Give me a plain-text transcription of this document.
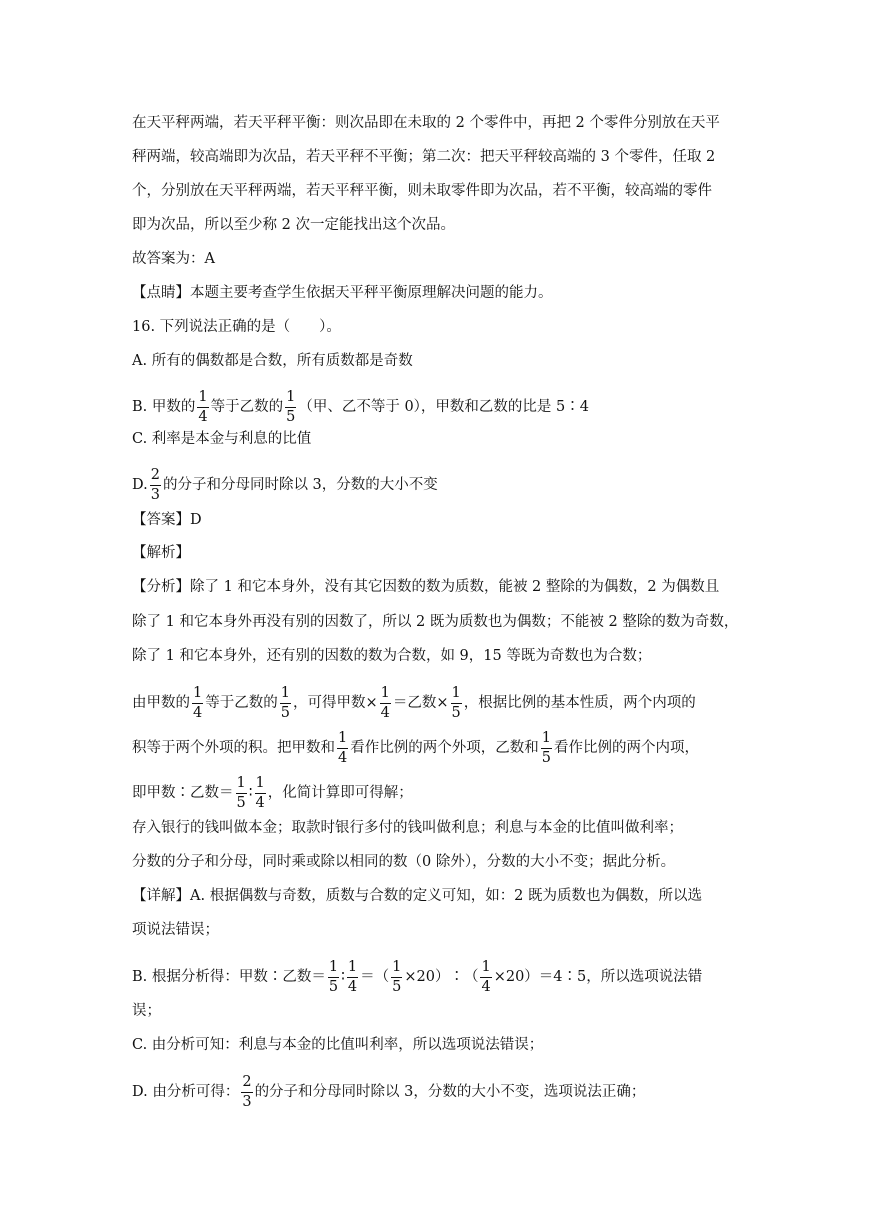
在天平秤两端，若天平秤平衡：则次品即在未取的 2 个零件中，再把 2 个零件分别放在天平
秤两端，较高端即为次品，若天平秤不平衡；第二次：把天平秤较高端的 3 个零件，任取 2
个，分别放在天平秤两端，若天平秤平衡，则未取零件即为次品，若不平衡，较高端的零件
即为次品，所以至少称 2 次一定能找出这个次品。
故答案为：A
【点睛】本题主要考查学生依据天平秤平衡原理解决问题的能力。
16. 下列说法正确的是（　　）。
A. 所有的偶数都是合数，所有质数都是奇数
B. 甲数的 $\frac{1}{4}$ 等于乙数的 $\frac{1}{5}$ （甲、乙不等于 0），甲数和乙数的比是 5∶4
C. 利率是本金与利息的比值
D. $\frac{2}{3}$ 的分子和分母同时除以 3，分数的大小不变
【答案】D
【解析】
【分析】除了 1 和它本身外，没有其它因数的数为质数，能被 2 整除的为偶数，2 为偶数且
除了 1 和它本身外再没有别的因数了，所以 2 既为质数也为偶数；不能被 2 整除的数为奇数，
除了 1 和它本身外，还有别的因数的数为合数，如 9，15 等既为奇数也为合数；
由甲数的 $\frac{1}{4}$ 等于乙数的 $\frac{1}{5}$ ，可得甲数× $\frac{1}{4}$ ＝乙数× $\frac{1}{5}$ ，根据比例的基本性质，两个内项的
积等于两个外项的积。把甲数和 $\frac{1}{4}$ 看作比例的两个外项，乙数和 $\frac{1}{5}$ 看作比例的两个内项，
即甲数∶乙数＝ $\frac{1}{5}$ ∶ $\frac{1}{4}$ ，化简计算即可得解；
存入银行的钱叫做本金；取款时银行多付的钱叫做利息；利息与本金的比值叫做利率；
分数的分子和分母，同时乘或除以相同的数（0 除外），分数的大小不变；据此分析。
【详解】A. 根据偶数与奇数，质数与合数的定义可知，如：2 既为质数也为偶数，所以选
项说法错误；
B. 根据分析得：甲数∶乙数＝ $\frac{1}{5}$ ∶ $\frac{1}{4}$ ＝（ $\frac{1}{5}$ ×20）∶（ $\frac{1}{4}$ ×20）＝4∶5，所以选项说法错
误；
C. 由分析可知：利息与本金的比值叫利率，所以选项说法错误；
D. 由分析可得： $\frac{2}{3}$ 的分子和分母同时除以 3，分数的大小不变，选项说法正确；
